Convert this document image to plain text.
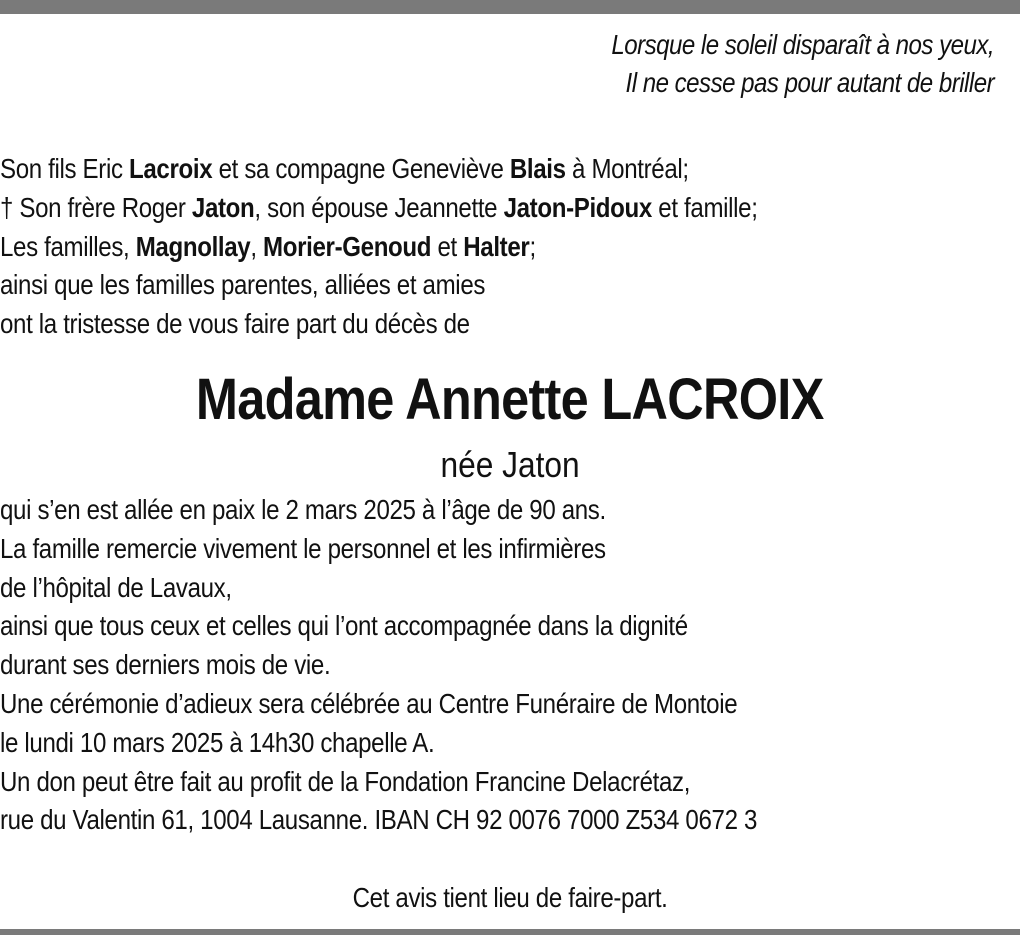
Lorsque le soleil disparaît à nos yeux,
Il ne cesse pas pour autant de briller
Son fils Eric Lacroix et sa compagne Geneviève Blais à Montréal;
† Son frère Roger Jaton, son épouse Jeannette Jaton-Pidoux et famille;
Les familles, Magnollay, Morier-Genoud et Halter;
ainsi que les familles parentes, alliées et amies
ont la tristesse de vous faire part du décès de
Madame Annette LACROIX
née Jaton
qui s’en est allée en paix le 2 mars 2025 à l’âge de 90 ans.
La famille remercie vivement le personnel et les infirmières
de l’hôpital de Lavaux,
ainsi que tous ceux et celles qui l’ont accompagnée dans la dignité
durant ses derniers mois de vie.
Une cérémonie d’adieux sera célébrée au Centre Funéraire de Montoie
le lundi 10 mars 2025 à 14h30 chapelle A.
Un don peut être fait au profit de la Fondation Francine Delacrétaz,
rue du Valentin 61, 1004 Lausanne. IBAN CH 92 0076 7000 Z534 0672 3
Cet avis tient lieu de faire-part.
